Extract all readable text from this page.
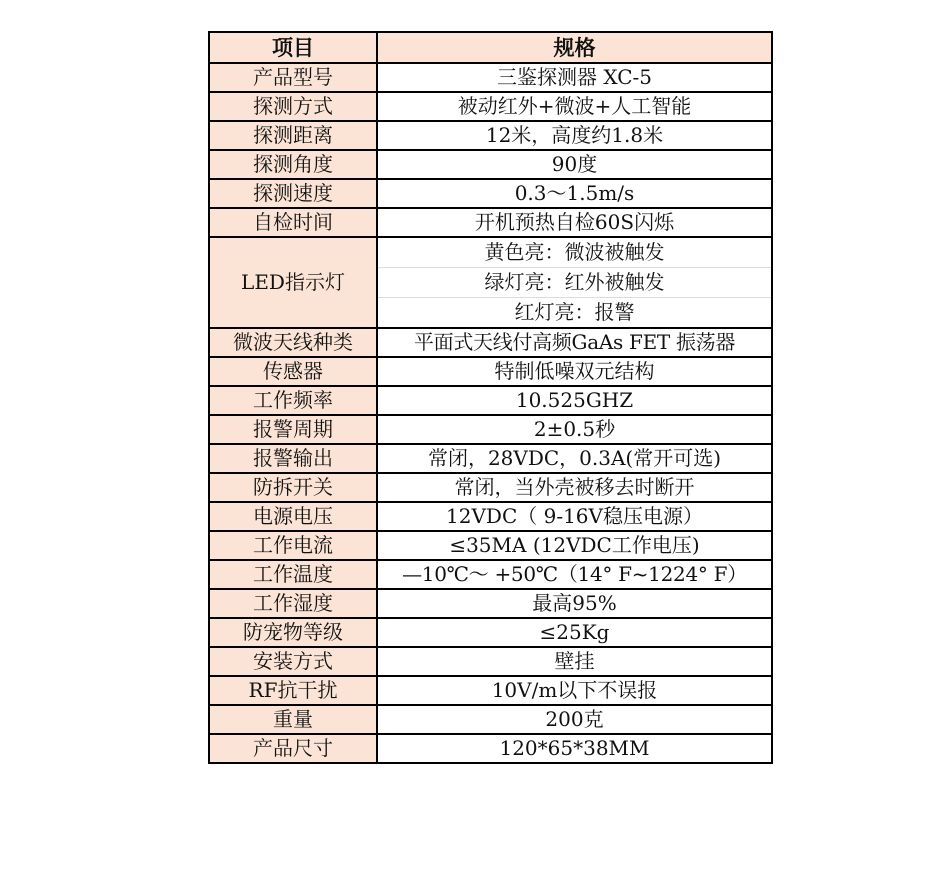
项目	规格
产品型号	三鉴探测器 XC-5
探测方式	被动红外+微波+人工智能
探测距离	12米，高度约1.8米
探测角度	90度
探测速度	0.3～1.5m/s
自检时间	开机预热自检60S闪烁
LED指示灯	黄色亮：微波被触发
绿灯亮：红外被触发
红灯亮：报警

微波天线种类	平面式天线付高频GaAs FET 振荡器
传感器	特制低噪双元结构
工作频率	10.525GHZ
报警周期	2±0.5秒
报警输出	常闭，28VDC，0.3A(常开可选)
防拆开关	常闭，当外壳被移去时断开
电源电压	12VDC（ 9-16V稳压电源）
工作电流	≤35MA (12VDC工作电压)
工作温度	—10℃～ +50℃（14° F~1224° F）
工作湿度	最高95%
防宠物等级	≤25Kg
安装方式	壁挂
RF抗干扰	10V/m以下不误报
重量	200克
产品尺寸	120*65*38MM
